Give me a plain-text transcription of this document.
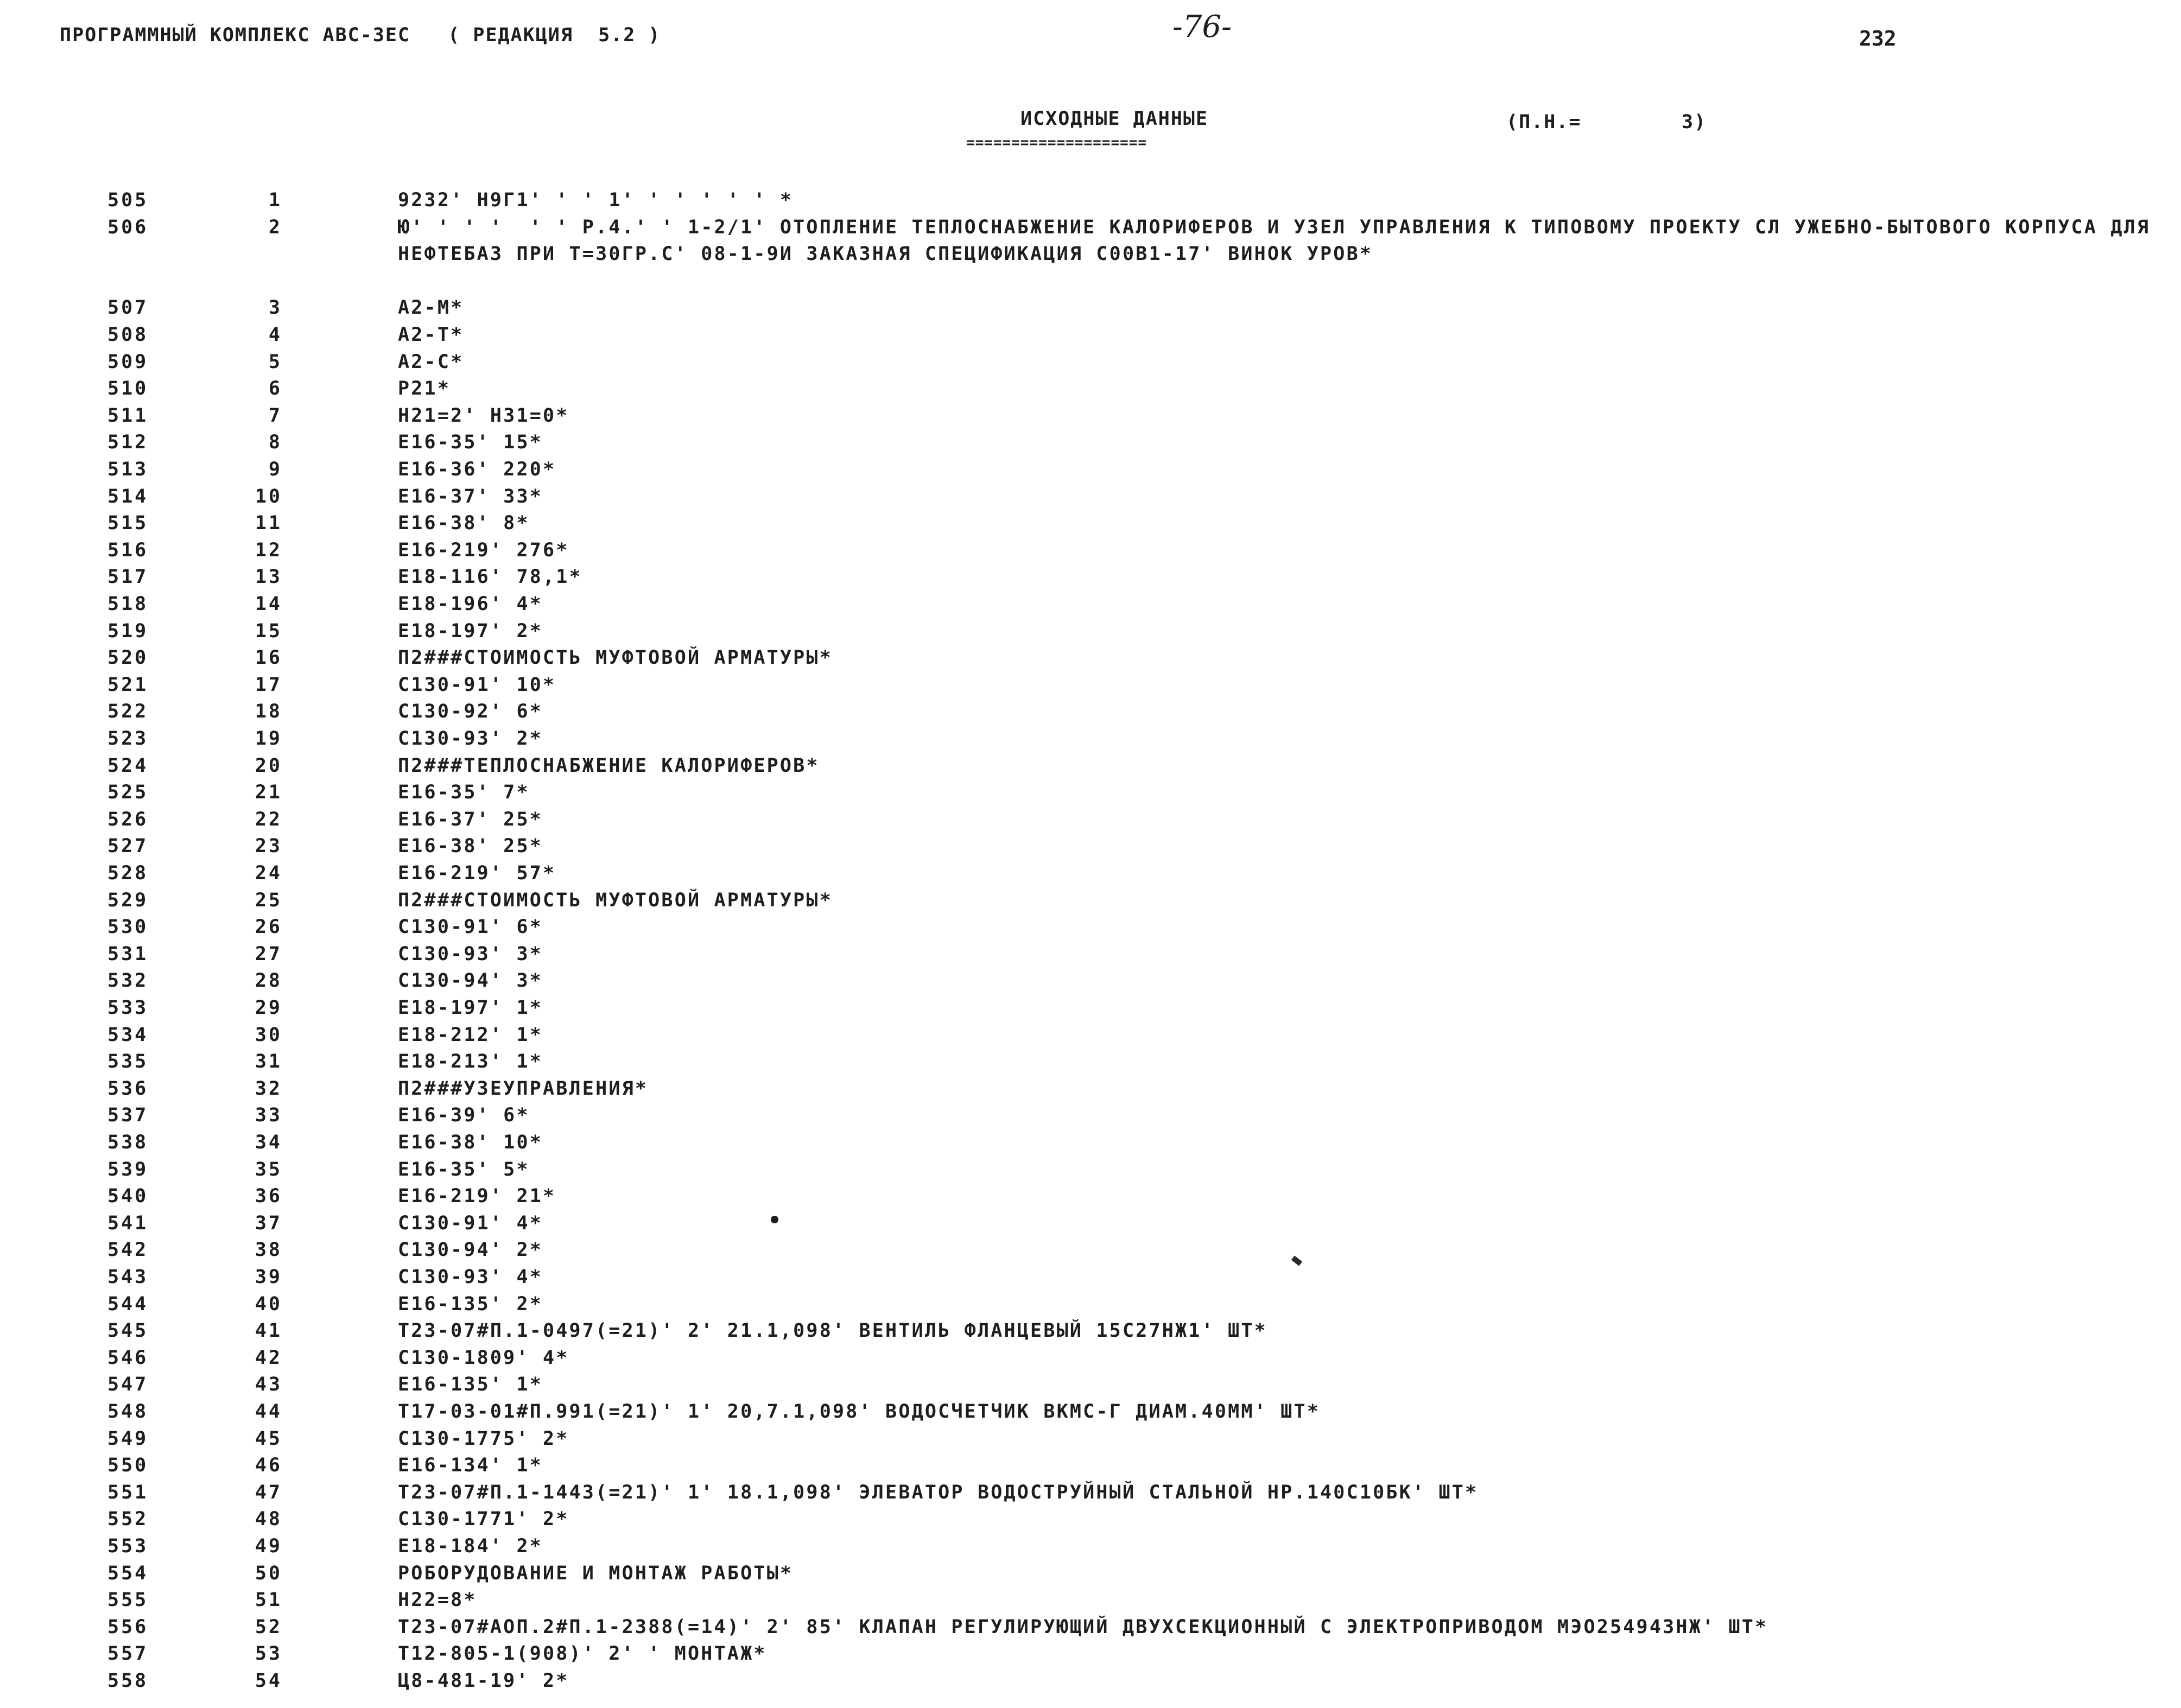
ПРОГРАММНЫЙ КОМПЛЕКС АВС-ЗЕС   ( РЕДАКЦИЯ  5.2 )	-76-	232
ИСХОДНЫЕ ДАННЫЕ	(П.Н.=        3)
====================
505	1	9232' Н9Г1' ' ' 1' ' ' ' ' ' *
506	2	Ю' ' ' '  ' ' Р.4.' ' 1-2/1' ОТОПЛЕНИЕ ТЕПЛОСНАБЖЕНИЕ КАЛОРИФЕРОВ И УЗЕЛ УПРАВЛЕНИЯ К ТИПОВОМУ ПРОЕКТУ СЛ УЖЕБНО-БЫТОВОГО КОРПУСА ДЛЯ НЕФТЕБАЗ ПРИ Т=30ГР.С' 08-1-9И ЗАКАЗНАЯ СПЕЦИФИКАЦИЯ С00В1-17' ВИНОК УРОВ*
507	3	А2-М*
508	4	А2-Т*
509	5	А2-С*
510	6	Р21*
511	7	Н21=2' Н31=0*
512	8	Е16-35' 15*
513	9	Е16-36' 220*
514	10	Е16-37' 33*
515	11	Е16-38' 8*
516	12	Е16-219' 276*
517	13	Е18-116' 78,1*
518	14	Е18-196' 4*
519	15	Е18-197' 2*
520	16	П2###СТОИМОСТЬ МУФТОВОЙ АРМАТУРЫ*
521	17	С130-91' 10*
522	18	С130-92' 6*
523	19	С130-93' 2*
524	20	П2###ТЕПЛОСНАБЖЕНИЕ КАЛОРИФЕРОВ*
525	21	Е16-35' 7*
526	22	Е16-37' 25*
527	23	Е16-38' 25*
528	24	Е16-219' 57*
529	25	П2###СТОИМОСТЬ МУФТОВОЙ АРМАТУРЫ*
530	26	С130-91' 6*
531	27	С130-93' 3*
532	28	С130-94' 3*
533	29	Е18-197' 1*
534	30	Е18-212' 1*
535	31	Е18-213' 1*
536	32	П2###УЗЕУПРАВЛЕНИЯ*
537	33	Е16-39' 6*
538	34	Е16-38' 10*
539	35	Е16-35' 5*
540	36	Е16-219' 21*
541	37	С130-91' 4*
542	38	С130-94' 2*
543	39	С130-93' 4*
544	40	Е16-135' 2*
545	41	Т23-07#П.1-0497(=21)' 2' 21.1,098' ВЕНТИЛЬ ФЛАНЦЕВЫЙ 15С27НЖ1' ШТ*
546	42	С130-1809' 4*
547	43	Е16-135' 1*
548	44	Т17-03-01#П.991(=21)' 1' 20,7.1,098' ВОДОСЧЕТЧИК ВКМС-Г ДИАМ.40ММ' ШТ*
549	45	С130-1775' 2*
550	46	Е16-134' 1*
551	47	Т23-07#П.1-1443(=21)' 1' 18.1,098' ЭЛЕВАТОР ВОДОСТРУЙНЫЙ СТАЛЬНОЙ НР.140С10БК' ШТ*
552	48	С130-1771' 2*
553	49	Е18-184' 2*
554	50	РОБОРУДОВАНИЕ И МОНТАЖ РАБОТЫ*
555	51	Н22=8*
556	52	Т23-07#АОП.2#П.1-2388(=14)' 2' 85' КЛАПАН РЕГУЛИРУЮЩИЙ ДВУХСЕКЦИОННЫЙ С ЭЛЕКТРОПРИВОДОМ МЭО254943НЖ' ШТ*
557	53	Т12-805-1(908)' 2' ' МОНТАЖ*
558	54	Ц8-481-19' 2*
